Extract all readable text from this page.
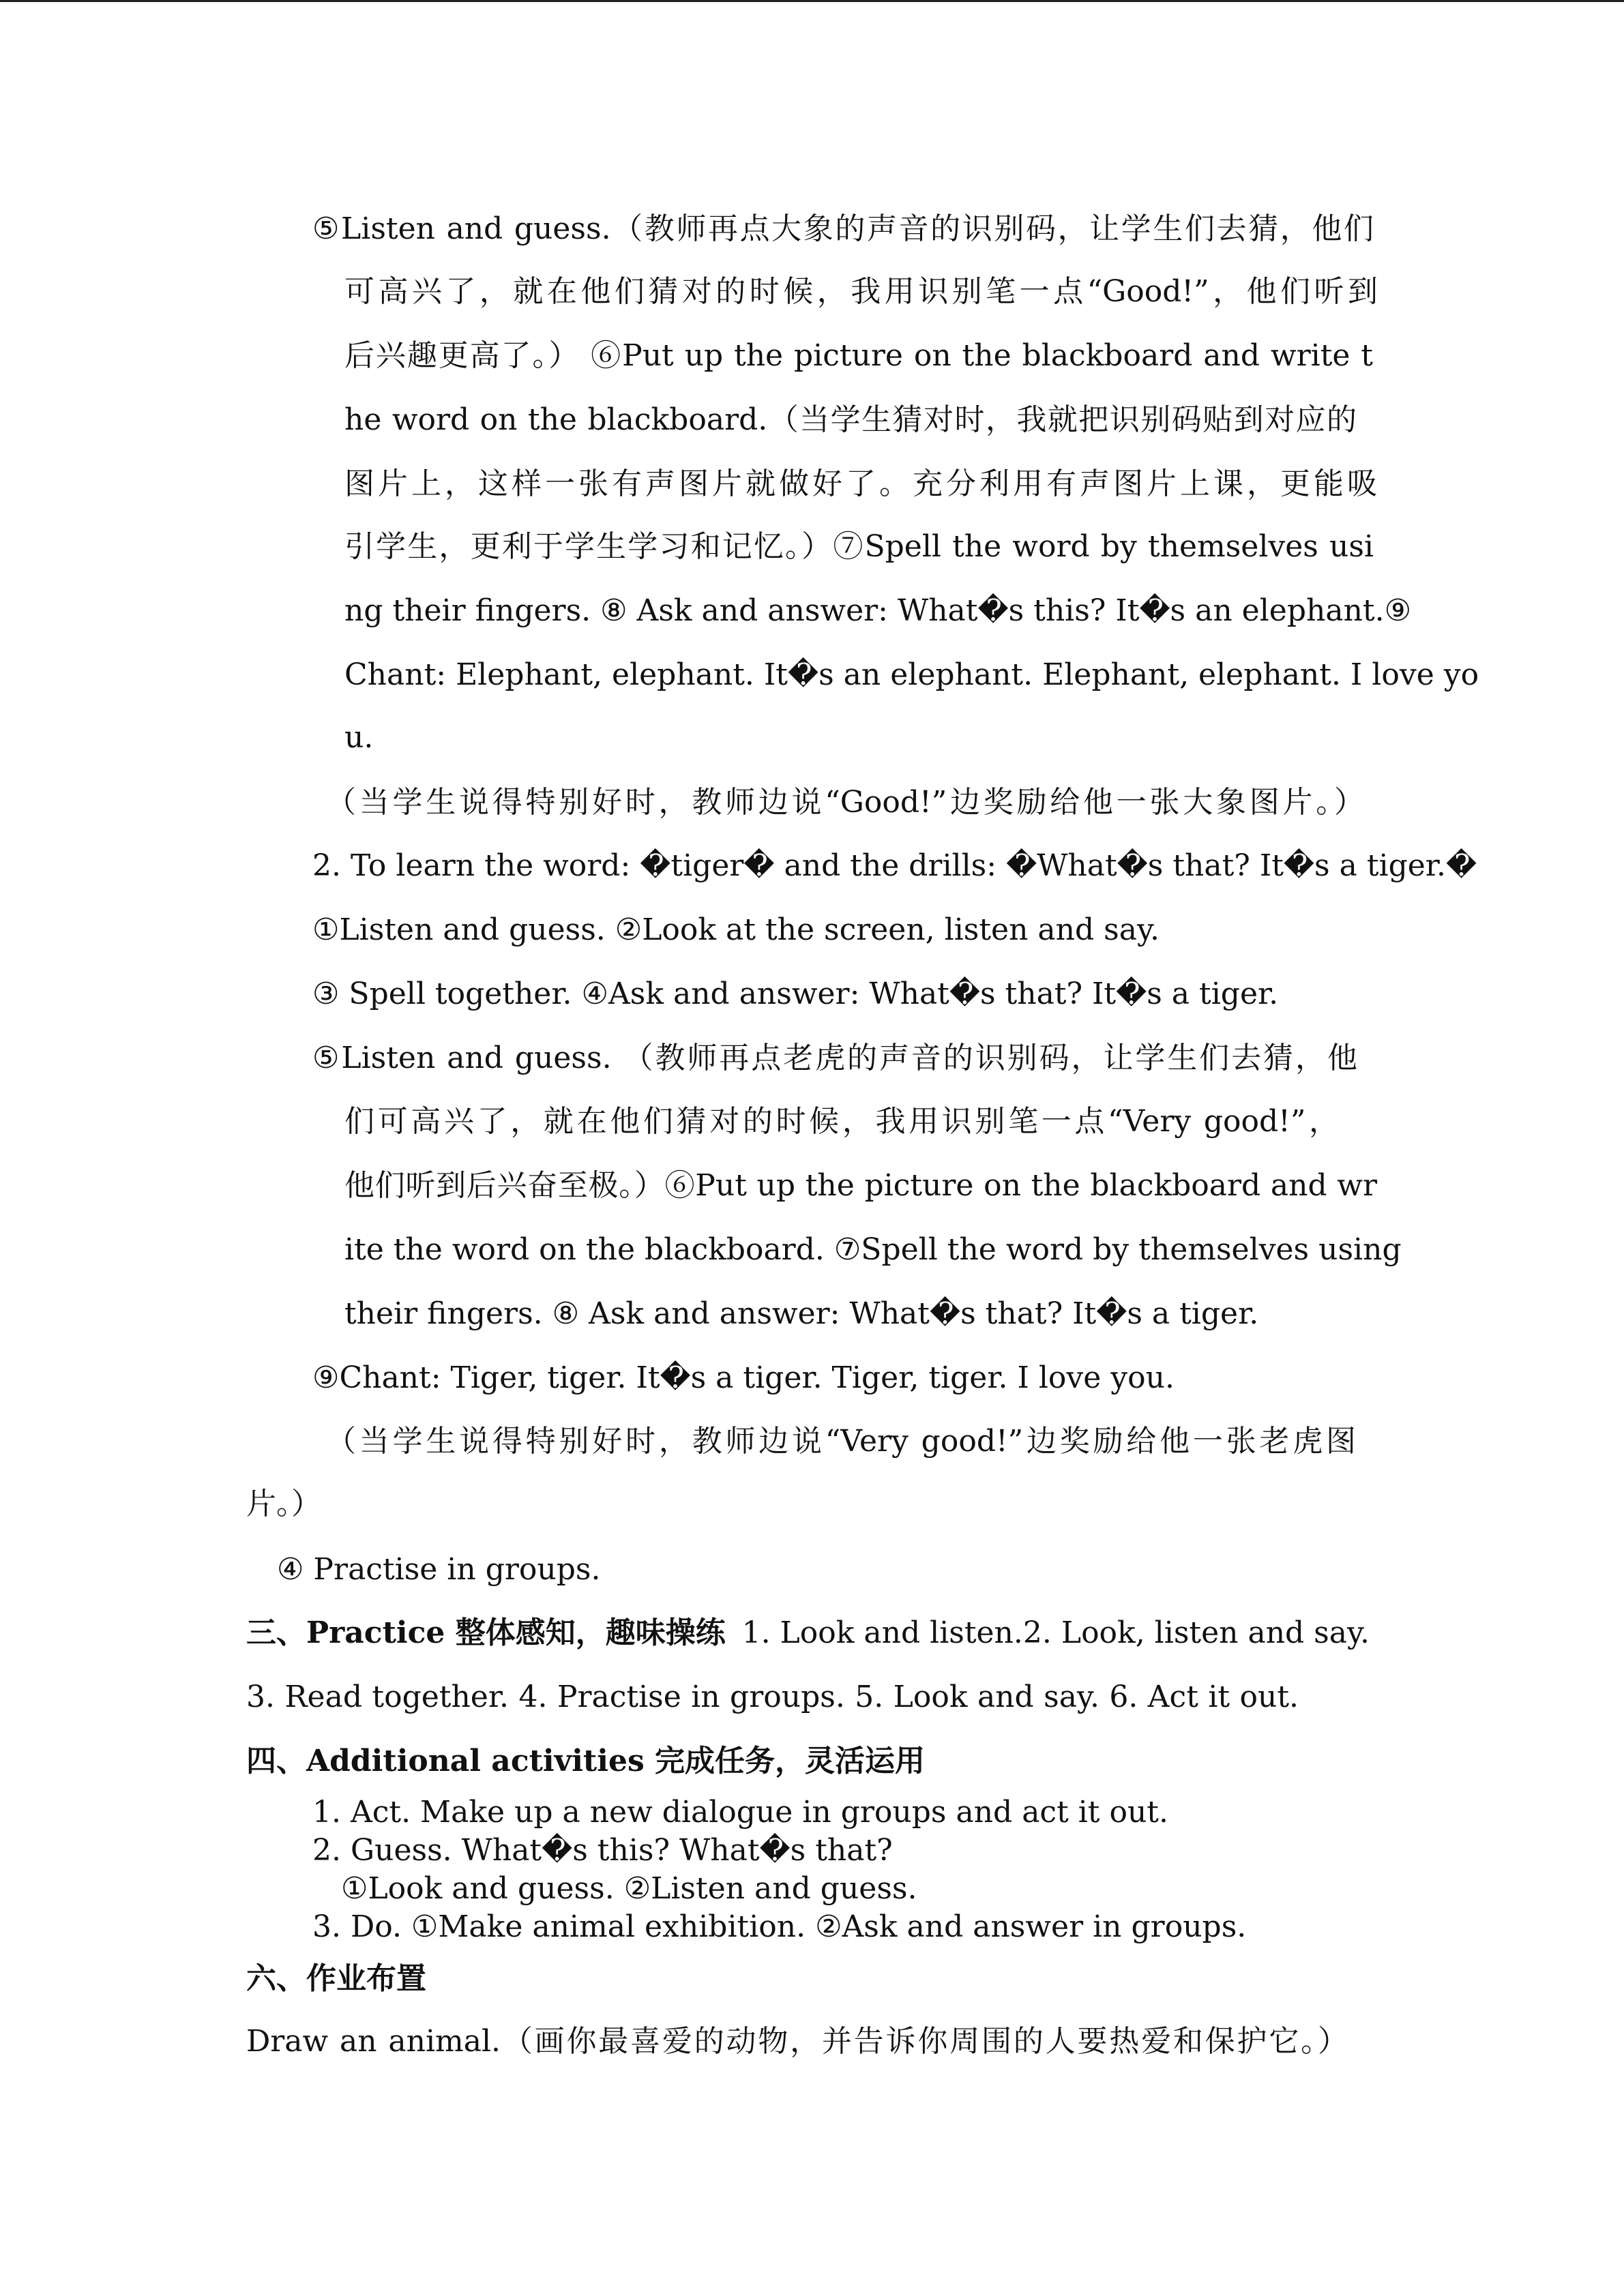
⑤Listen and guess.（教师再点大象的声音的识别码，让学生们去猜，他们
可高兴了，就在他们猜对的时候，我用识别笔一点“Good!”，他们听到
后兴趣更高了。） ⑥Put up the picture on the blackboard and write t
he word on the blackboard.（当学生猜对时，我就把识别码贴到对应的
图片上，这样一张有声图片就做好了。充分利用有声图片上课，更能吸
引学生，更利于学生学习和记忆。）⑦Spell the word by themselves usi
ng their fingers. ⑧ Ask and answer: What�s this? It�s an elephant.⑨
Chant: Elephant, elephant. It�s an elephant. Elephant, elephant. I love yo
u.
（当学生说得特别好时，教师边说“Good!”边奖励给他一张大象图片。）
2. To learn the word: �tiger� and the drills: �What�s that? It�s a tiger.�
①Listen and guess. ②Look at the screen, listen and say.
③ Spell together. ④Ask and answer: What�s that? It�s a tiger.
⑤Listen and guess. （教师再点老虎的声音的识别码，让学生们去猜，他
们可高兴了，就在他们猜对的时候，我用识别笔一点“Very good!”，
他们听到后兴奋至极。）⑥Put up the picture on the blackboard and wr
ite the word on the blackboard. ⑦Spell the word by themselves using
their fingers. ⑧ Ask and answer: What�s that? It�s a tiger.
⑨Chant: Tiger, tiger. It�s a tiger. Tiger, tiger. I love you.
（当学生说得特别好时，教师边说“Very good!”边奖励给他一张老虎图
片。）
④ Practise in groups.
三、Practice 整体感知，趣味操练 1. Look and listen.2. Look, listen and say.
3. Read together. 4. Practise in groups. 5. Look and say. 6. Act it out.
四、Additional activities 完成任务，灵活运用
1. Act. Make up a new dialogue in groups and act it out.
2. Guess. What�s this? What�s that?
①Look and guess. ②Listen and guess.
3. Do. ①Make animal exhibition. ②Ask and answer in groups.
六、作业布置
Draw an animal.（画你最喜爱的动物，并告诉你周围的人要热爱和保护它。）
